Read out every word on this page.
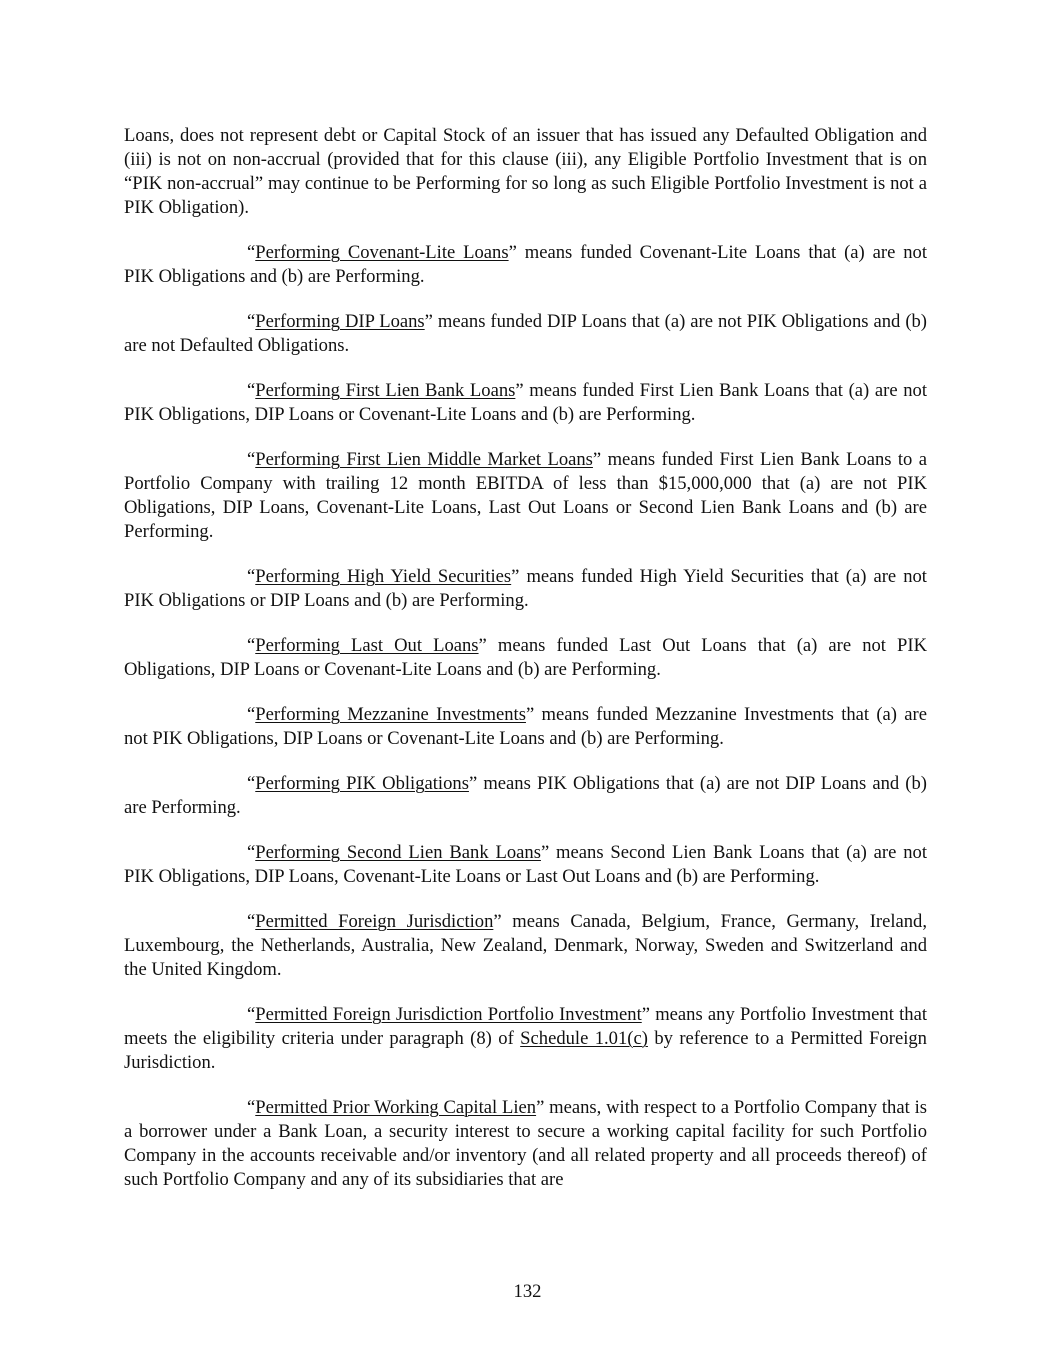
Loans, does not represent debt or Capital Stock of an issuer that has issued any Defaulted Obligation and (iii) is not on non-accrual (provided that for this clause (iii), any Eligible Portfolio Investment that is on “PIK non-accrual” may continue to be Performing for so long as such Eligible Portfolio Investment is not a PIK Obligation).

“Performing Covenant-Lite Loans” means funded Covenant-Lite Loans that (a) are not PIK Obligations and (b) are Performing.

“Performing DIP Loans” means funded DIP Loans that (a) are not PIK Obligations and (b) are not Defaulted Obligations.

“Performing First Lien Bank Loans” means funded First Lien Bank Loans that (a) are not PIK Obligations, DIP Loans or Covenant-Lite Loans and (b) are Performing.

“Performing First Lien Middle Market Loans” means funded First Lien Bank Loans to a Portfolio Company with trailing 12 month EBITDA of less than $15,000,000 that (a) are not PIK Obligations, DIP Loans, Covenant-Lite Loans, Last Out Loans or Second Lien Bank Loans and (b) are Performing.

“Performing High Yield Securities” means funded High Yield Securities that (a) are not PIK Obligations or DIP Loans and (b) are Performing.

“Performing Last Out Loans” means funded Last Out Loans that (a) are not PIK Obligations, DIP Loans or Covenant-Lite Loans and (b) are Performing.

“Performing Mezzanine Investments” means funded Mezzanine Investments that (a) are not PIK Obligations, DIP Loans or Covenant-Lite Loans and (b) are Performing.

“Performing PIK Obligations” means PIK Obligations that (a) are not DIP Loans and (b) are Performing.

“Performing Second Lien Bank Loans” means Second Lien Bank Loans that (a) are not PIK Obligations, DIP Loans, Covenant-Lite Loans or Last Out Loans and (b) are Performing.

“Permitted Foreign Jurisdiction” means Canada, Belgium, France, Germany, Ireland, Luxembourg, the Netherlands, Australia, New Zealand, Denmark, Norway, Sweden and Switzerland and the United Kingdom.

“Permitted Foreign Jurisdiction Portfolio Investment” means any Portfolio Investment that meets the eligibility criteria under paragraph (8) of Schedule 1.01(c) by reference to a Permitted Foreign Jurisdiction.

“Permitted Prior Working Capital Lien” means, with respect to a Portfolio Company that is a borrower under a Bank Loan, a security interest to secure a working capital facility for such Portfolio Company in the accounts receivable and/or inventory (and all related property and all proceeds thereof) of such Portfolio Company and any of its subsidiaries that are

132
